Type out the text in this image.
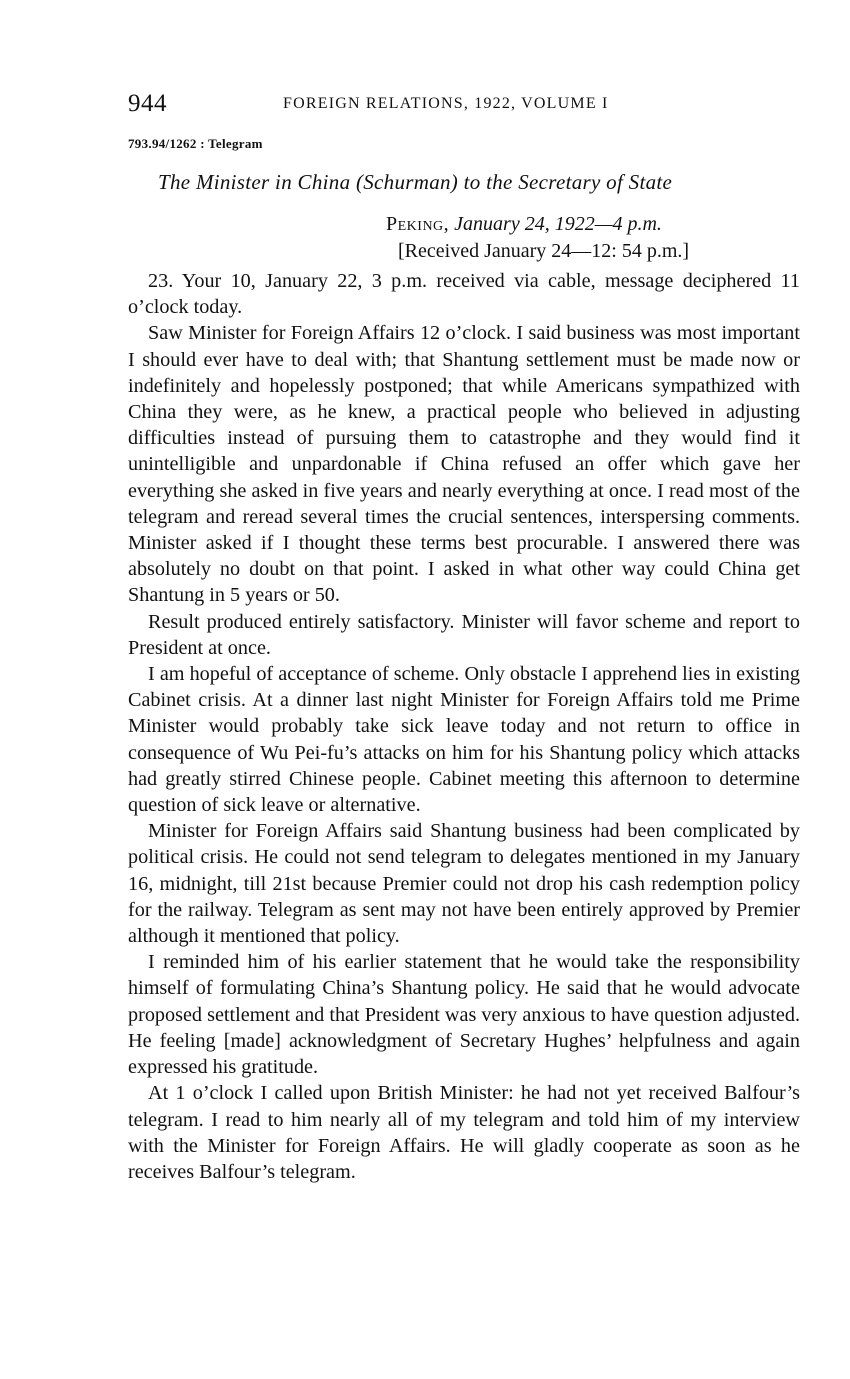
944	FOREIGN RELATIONS, 1922, VOLUME I
793.94/1262 : Telegram
The Minister in China (Schurman) to the Secretary of State
Peking, January 24, 1922—4 p.m.
[Received January 24—12: 54 p.m.]

23. Your 10, January 22, 3 p.m. received via cable, message deciphered 11 o’clock today.

Saw Minister for Foreign Affairs 12 o’clock. I said business was most important I should ever have to deal with; that Shantung settlement must be made now or indefinitely and hopelessly postponed; that while Americans sympathized with China they were, as he knew, a practical people who believed in adjusting difficulties instead of pursuing them to catastrophe and they would find it unintelligible and unpardonable if China refused an offer which gave her everything she asked in five years and nearly everything at once. I read most of the telegram and reread several times the crucial sentences, interspersing comments. Minister asked if I thought these terms best procurable. I answered there was absolutely no doubt on that point. I asked in what other way could China get Shantung in 5 years or 50.

Result produced entirely satisfactory. Minister will favor scheme and report to President at once.

I am hopeful of acceptance of scheme. Only obstacle I apprehend lies in existing Cabinet crisis. At a dinner last night Minister for Foreign Affairs told me Prime Minister would probably take sick leave today and not return to office in consequence of Wu Pei-fu’s attacks on him for his Shantung policy which attacks had greatly stirred Chinese people. Cabinet meeting this afternoon to determine question of sick leave or alternative.

Minister for Foreign Affairs said Shantung business had been complicated by political crisis. He could not send telegram to delegates mentioned in my January 16, midnight, till 21st because Premier could not drop his cash redemption policy for the railway. Telegram as sent may not have been entirely approved by Premier although it mentioned that policy.

I reminded him of his earlier statement that he would take the responsibility himself of formulating China’s Shantung policy. He said that he would advocate proposed settlement and that President was very anxious to have question adjusted. He feeling [made] acknowledgment of Secretary Hughes’ helpfulness and again expressed his gratitude.

At 1 o’clock I called upon British Minister: he had not yet received Balfour’s telegram. I read to him nearly all of my telegram and told him of my interview with the Minister for Foreign Affairs. He will gladly cooperate as soon as he receives Balfour’s telegram.
